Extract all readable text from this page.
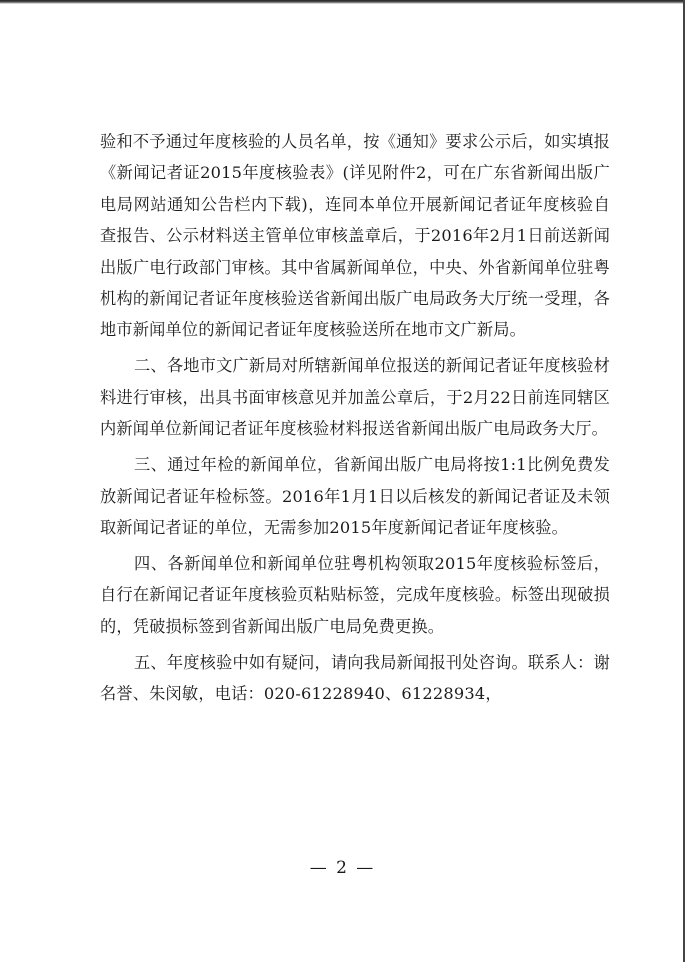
验和不予通过年度核验的人员名单，按《通知》要求公示后，如实填报《新闻记者证2015年度核验表》(详见附件2，可在广东省新闻出版广电局网站通知公告栏内下载)，连同本单位开展新闻记者证年度核验自查报告、公示材料送主管单位审核盖章后，于2016年2月1日前送新闻出版广电行政部门审核。其中省属新闻单位，中央、外省新闻单位驻粤机构的新闻记者证年度核验送省新闻出版广电局政务大厅统一受理，各地市新闻单位的新闻记者证年度核验送所在地市文广新局。

二、各地市文广新局对所辖新闻单位报送的新闻记者证年度核验材料进行审核，出具书面审核意见并加盖公章后，于2月22日前连同辖区内新闻单位新闻记者证年度核验材料报送省新闻出版广电局政务大厅。

三、通过年检的新闻单位，省新闻出版广电局将按1:1比例免费发放新闻记者证年检标签。2016年1月1日以后核发的新闻记者证及未领取新闻记者证的单位，无需参加2015年度新闻记者证年度核验。

四、各新闻单位和新闻单位驻粤机构领取2015年度核验标签后，自行在新闻记者证年度核验页粘贴标签，完成年度核验。标签出现破损的，凭破损标签到省新闻出版广电局免费更换。

五、年度核验中如有疑问，请向我局新闻报刊处咨询。联系人：谢名誉、朱闵敏，电话：020-61228940、61228934，

— 2 —
